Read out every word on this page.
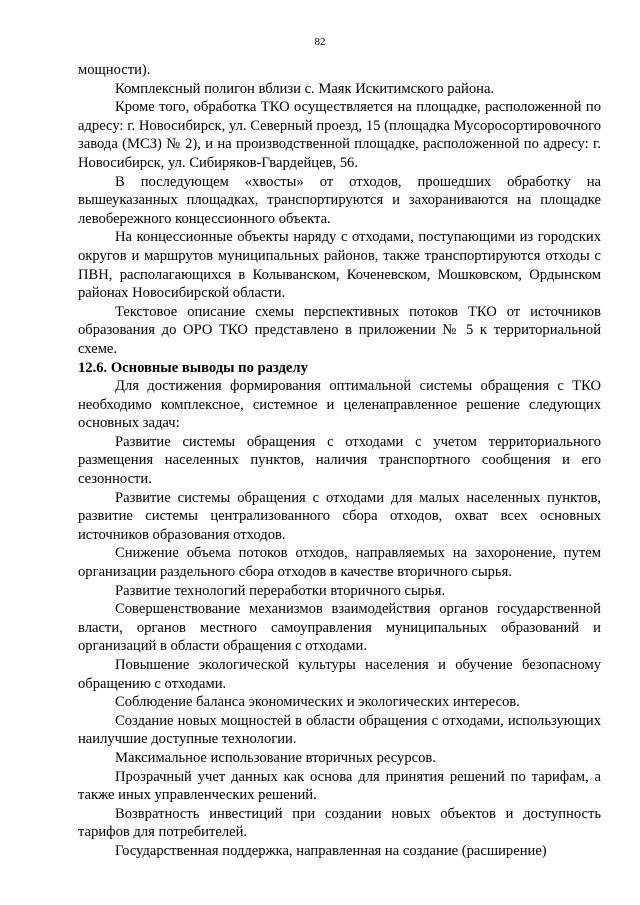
82

мощности).

Комплексный полигон вблизи с. Маяк Искитимского района.

Кроме того, обработка ТКО осуществляется на площадке, расположенной по адресу: г. Новосибирск, ул. Северный проезд, 15 (площадка Мусоросортировочного завода (МСЗ) № 2), и на производственной площадке, расположенной по адресу: г. Новосибирск, ул. Сибиряков-Гвардейцев, 56.

В последующем «хвосты» от отходов, прошедших обработку на вышеуказанных площадках, транспортируются и захораниваются на площадке левобережного концессионного объекта.

На концессионные объекты наряду с отходами, поступающими из городских округов и маршрутов муниципальных районов, также транспортируются отходы с ПВН, располагающихся в Колыванском, Коченевском, Мошковском, Ордынском районах Новосибирской области.

Текстовое описание схемы перспективных потоков ТКО от источников образования до ОРО ТКО представлено в приложении № 5 к территориальной схеме.

12.6. Основные выводы по разделу

Для достижения формирования оптимальной системы обращения с ТКО необходимо комплексное, системное и целенаправленное решение следующих основных задач:

Развитие системы обращения с отходами с учетом территориального размещения населенных пунктов, наличия транспортного сообщения и его сезонности.

Развитие системы обращения с отходами для малых населенных пунктов, развитие системы централизованного сбора отходов, охват всех основных источников образования отходов.

Снижение объема потоков отходов, направляемых на захоронение, путем организации раздельного сбора отходов в качестве вторичного сырья.

Развитие технологий переработки вторичного сырья.

Совершенствование механизмов взаимодействия органов государственной власти, органов местного самоуправления муниципальных образований и организаций в области обращения с отходами.

Повышение экологической культуры населения и обучение безопасному обращению с отходами.

Соблюдение баланса экономических и экологических интересов.

Создание новых мощностей в области обращения с отходами, использующих наилучшие доступные технологии.

Максимальное использование вторичных ресурсов.

Прозрачный учет данных как основа для принятия решений по тарифам, а также иных управленческих решений.

Возвратность инвестиций при создании новых объектов и доступность тарифов для потребителей.

Государственная поддержка, направленная на создание (расширение)
